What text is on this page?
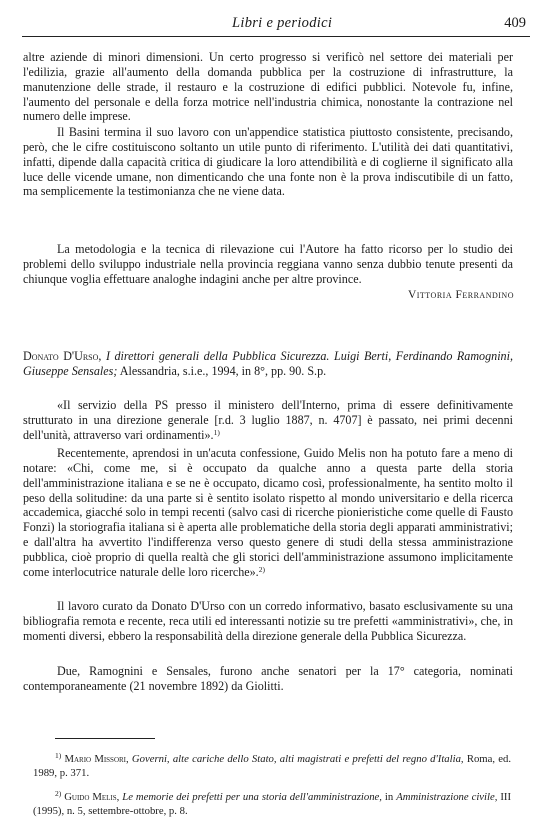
Libri e periodici	409

altre aziende di minori dimensioni. Un certo progresso si verificò nel settore dei materiali per l'edilizia, grazie all'aumento della domanda pubblica per la costruzione di infrastrutture, la manutenzione delle strade, il restauro e la costruzione di edifici pubblici. Notevole fu, infine, l'aumento del personale e della forza motrice nell'industria chimica, nonostante la contrazione nel numero delle imprese.

Il Basini termina il suo lavoro con un'appendice statistica piuttosto consistente, precisando, però, che le cifre costituiscono soltanto un utile punto di riferimento. L'utilità dei dati quantitativi, infatti, dipende dalla capacità critica di giudicare la loro attendibilità e di coglierne il significato alla luce delle vicende umane, non dimenticando che una fonte non è la prova indiscutibile di un fatto, ma semplicemente la testimonianza che ne viene data.

La metodologia e la tecnica di rilevazione cui l'Autore ha fatto ricorso per lo studio dei problemi dello sviluppo industriale nella provincia reggiana vanno senza dubbio tenute presenti da chiunque voglia effettuare analoghe indagini anche per altre province.

Vittoria Ferrandino

Donato D'Urso, I direttori generali della Pubblica Sicurezza. Luigi Berti, Ferdinando Ramognini, Giuseppe Sensales; Alessandria, s.i.e., 1994, in 8°, pp. 90. S.p.

«Il servizio della PS presso il ministero dell'Interno, prima di essere definitivamente strutturato in una direzione generale [r.d. 3 luglio 1887, n. 4707] è passato, nei primi decenni dell'unità, attraverso vari ordinamenti».$^{1)}$

Recentemente, aprendosi in un'acuta confessione, Guido Melis non ha potuto fare a meno di notare: «Chi, come me, si è occupato da qualche anno a questa parte della storia dell'amministrazione italiana e se ne è occupato, dicamo così, professionalmente, ha sentito molto il peso della solitudine: da una parte si è sentito isolato rispetto al mondo universitario e della ricerca accademica, giacché solo in tempi recenti (salvo casi di ricerche pionieristiche come quelle di Fausto Fonzi) la storiografia italiana si è aperta alle problematiche della storia degli apparati amministrativi; e dall'altra ha avvertito l'indifferenza verso questo genere di studi della stessa amministrazione pubblica, cioè proprio di quella realtà che gli storici dell'amministrazione assumono implicitamente come interlocutrice naturale delle loro ricerche».$^{2)}$

Il lavoro curato da Donato D'Urso con un corredo informativo, basato esclusivamente su una bibliografia remota e recente, reca utili ed interessanti notizie su tre prefetti «amministrativi», che, in momenti diversi, ebbero la responsabilità della direzione generale della Pubblica Sicurezza.

Due, Ramognini e Sensales, furono anche senatori per la 17° categoria, nominati contemporaneamente (21 novembre 1892) da Giolitti.

$^{1)}$ Mario Missori, Governi, alte cariche dello Stato, alti magistrati e prefetti del regno d'Italia, Roma, ed. 1989, p. 371.

$^{2)}$ Guido Melis, Le memorie dei prefetti per una storia dell'amministrazione, in Amministrazione civile, III (1995), n. 5, settembre-ottobre, p. 8.
